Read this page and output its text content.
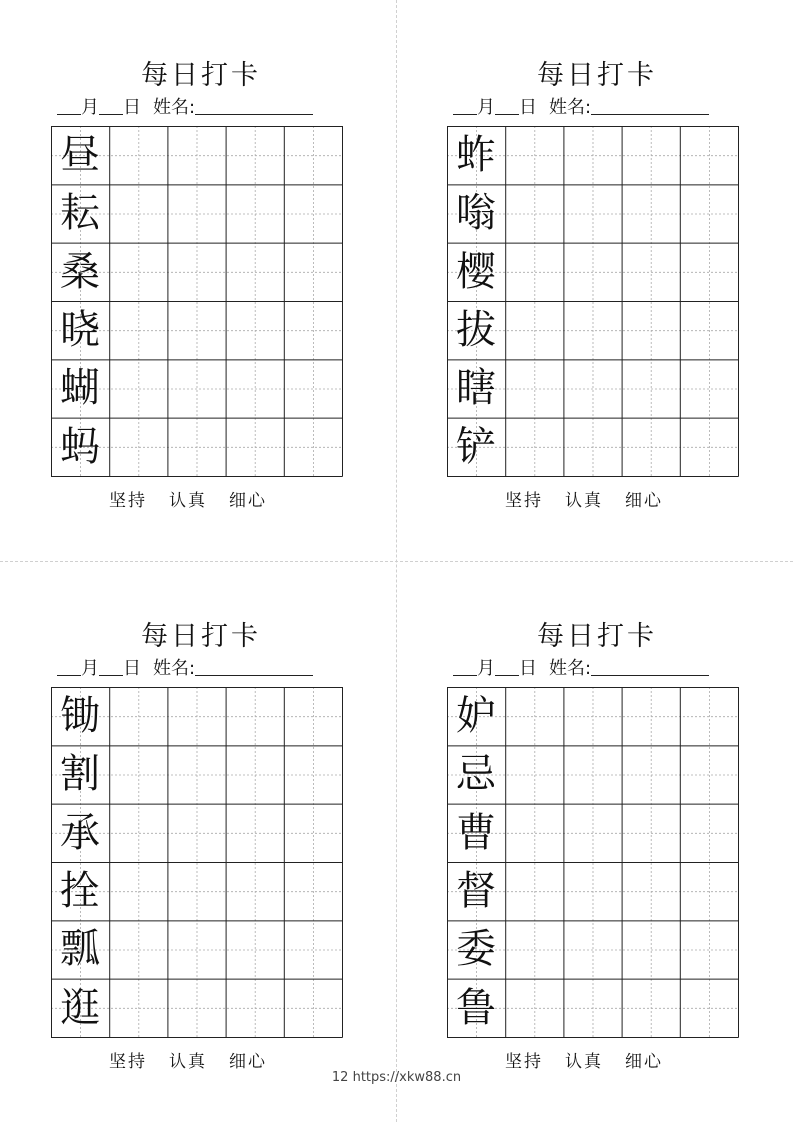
每日打卡
月 日 姓名:
昼
耘
桑
晓
蝴
蚂
坚持 认真 细心
每日打卡
月 日 姓名:
蚱
嗡
樱
拔
瞎
铲
坚持 认真 细心
每日打卡
月 日 姓名:
锄
割
承
拴
瓢
逛
坚持 认真 细心
每日打卡
月 日 姓名:
妒
忌
曹
督
委
鲁
坚持 认真 细心
12 https://xkw88.cn
